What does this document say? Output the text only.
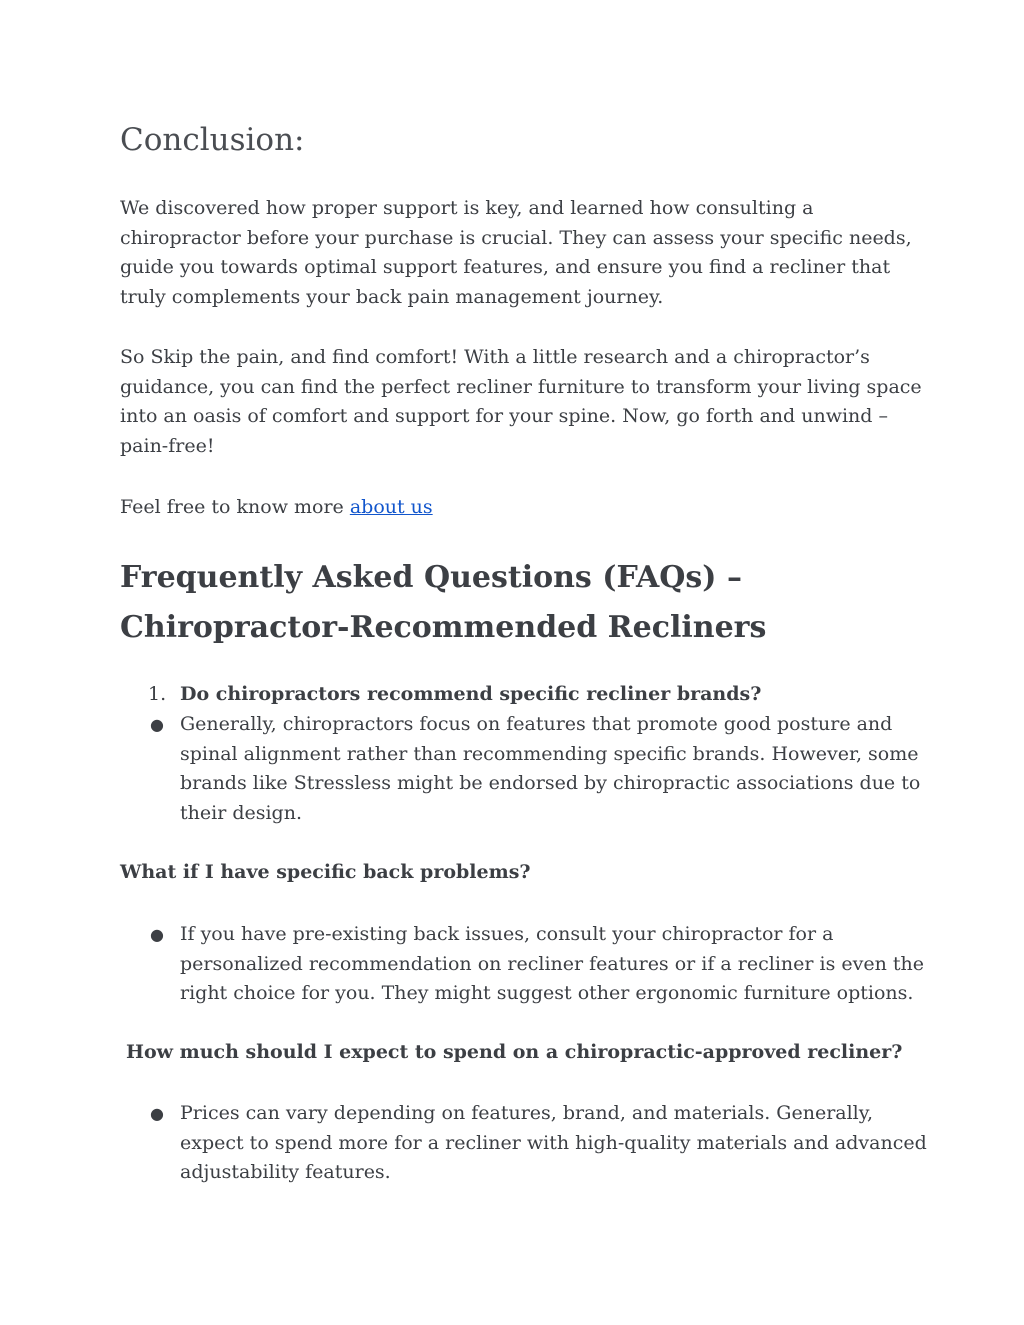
Conclusion:

We discovered how proper support is key, and learned how consulting a
chiropractor before your purchase is crucial. They can assess your specific needs,
guide you towards optimal support features, and ensure you find a recliner that
truly complements your back pain management journey.

So Skip the pain, and find comfort! With a little research and a chiropractor’s
guidance, you can find the perfect recliner furniture to transform your living space
into an oasis of comfort and support for your spine. Now, go forth and unwind –
pain-free!

Feel free to know more about us

Frequently Asked Questions (FAQs) –
Chiropractor-Recommended Recliners
1. Do chiropractors recommend specific recliner brands?
● Generally, chiropractors focus on features that promote good posture and
spinal alignment rather than recommending specific brands. However, some
brands like Stressless might be endorsed by chiropractic associations due to
their design.

What if I have specific back problems?

● If you have pre-existing back issues, consult your chiropractor for a
personalized recommendation on recliner features or if a recliner is even the
right choice for you. They might suggest other ergonomic furniture options.

How much should I expect to spend on a chiropractic-approved recliner?

● Prices can vary depending on features, brand, and materials. Generally,
expect to spend more for a recliner with high-quality materials and advanced
adjustability features.
